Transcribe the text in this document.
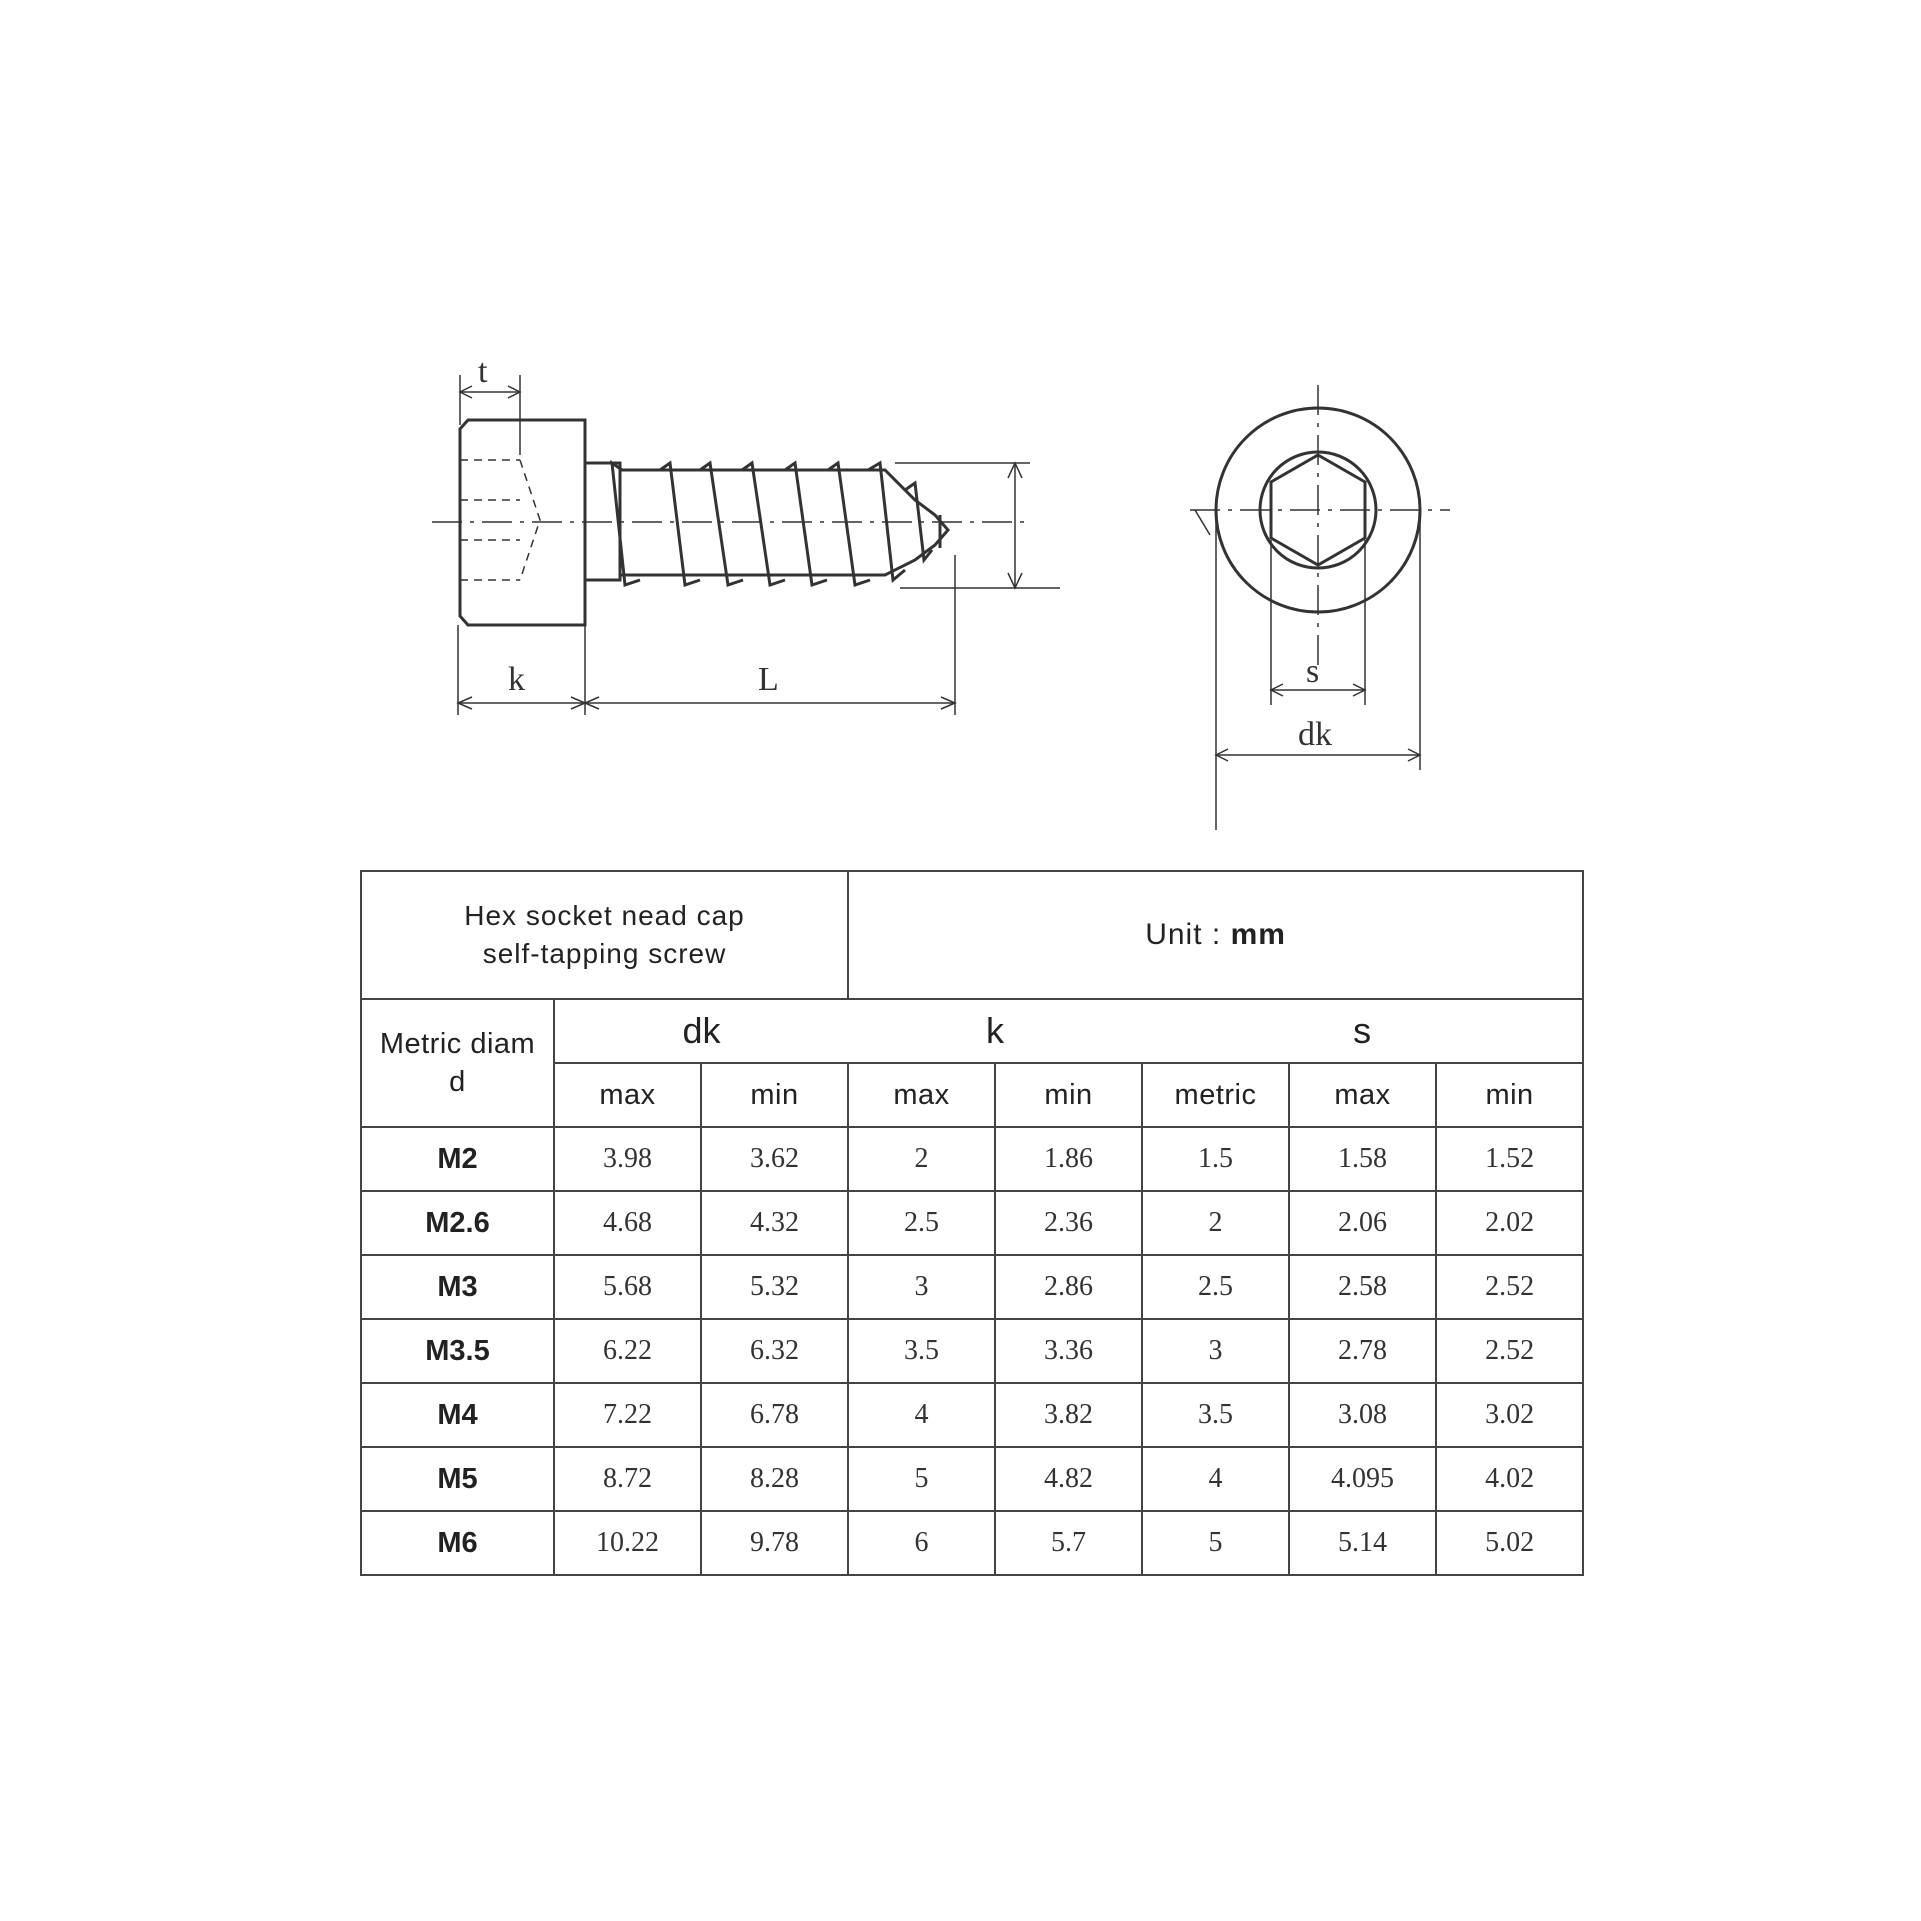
t
k	L	s
dk
Hex socket nead cap
self-tapping screw			Unit : mm				

Metric diam
d	dk		k		s		
	max	min	max	min	metric	max	min
M2	3.98	3.62	2	1.86	1.5	1.58	1.52
M2.6	4.68	4.32	2.5	2.36	2	2.06	2.02
M3	5.68	5.32	3	2.86	2.5	2.58	2.52
M3.5	6.22	6.32	3.5	3.36	3	2.78	2.52
M4	7.22	6.78	4	3.82	3.5	3.08	3.02
M5	8.72	8.28	5	4.82	4	4.095	4.02
M6	10.22	9.78	6	5.7	5	5.14	5.02
